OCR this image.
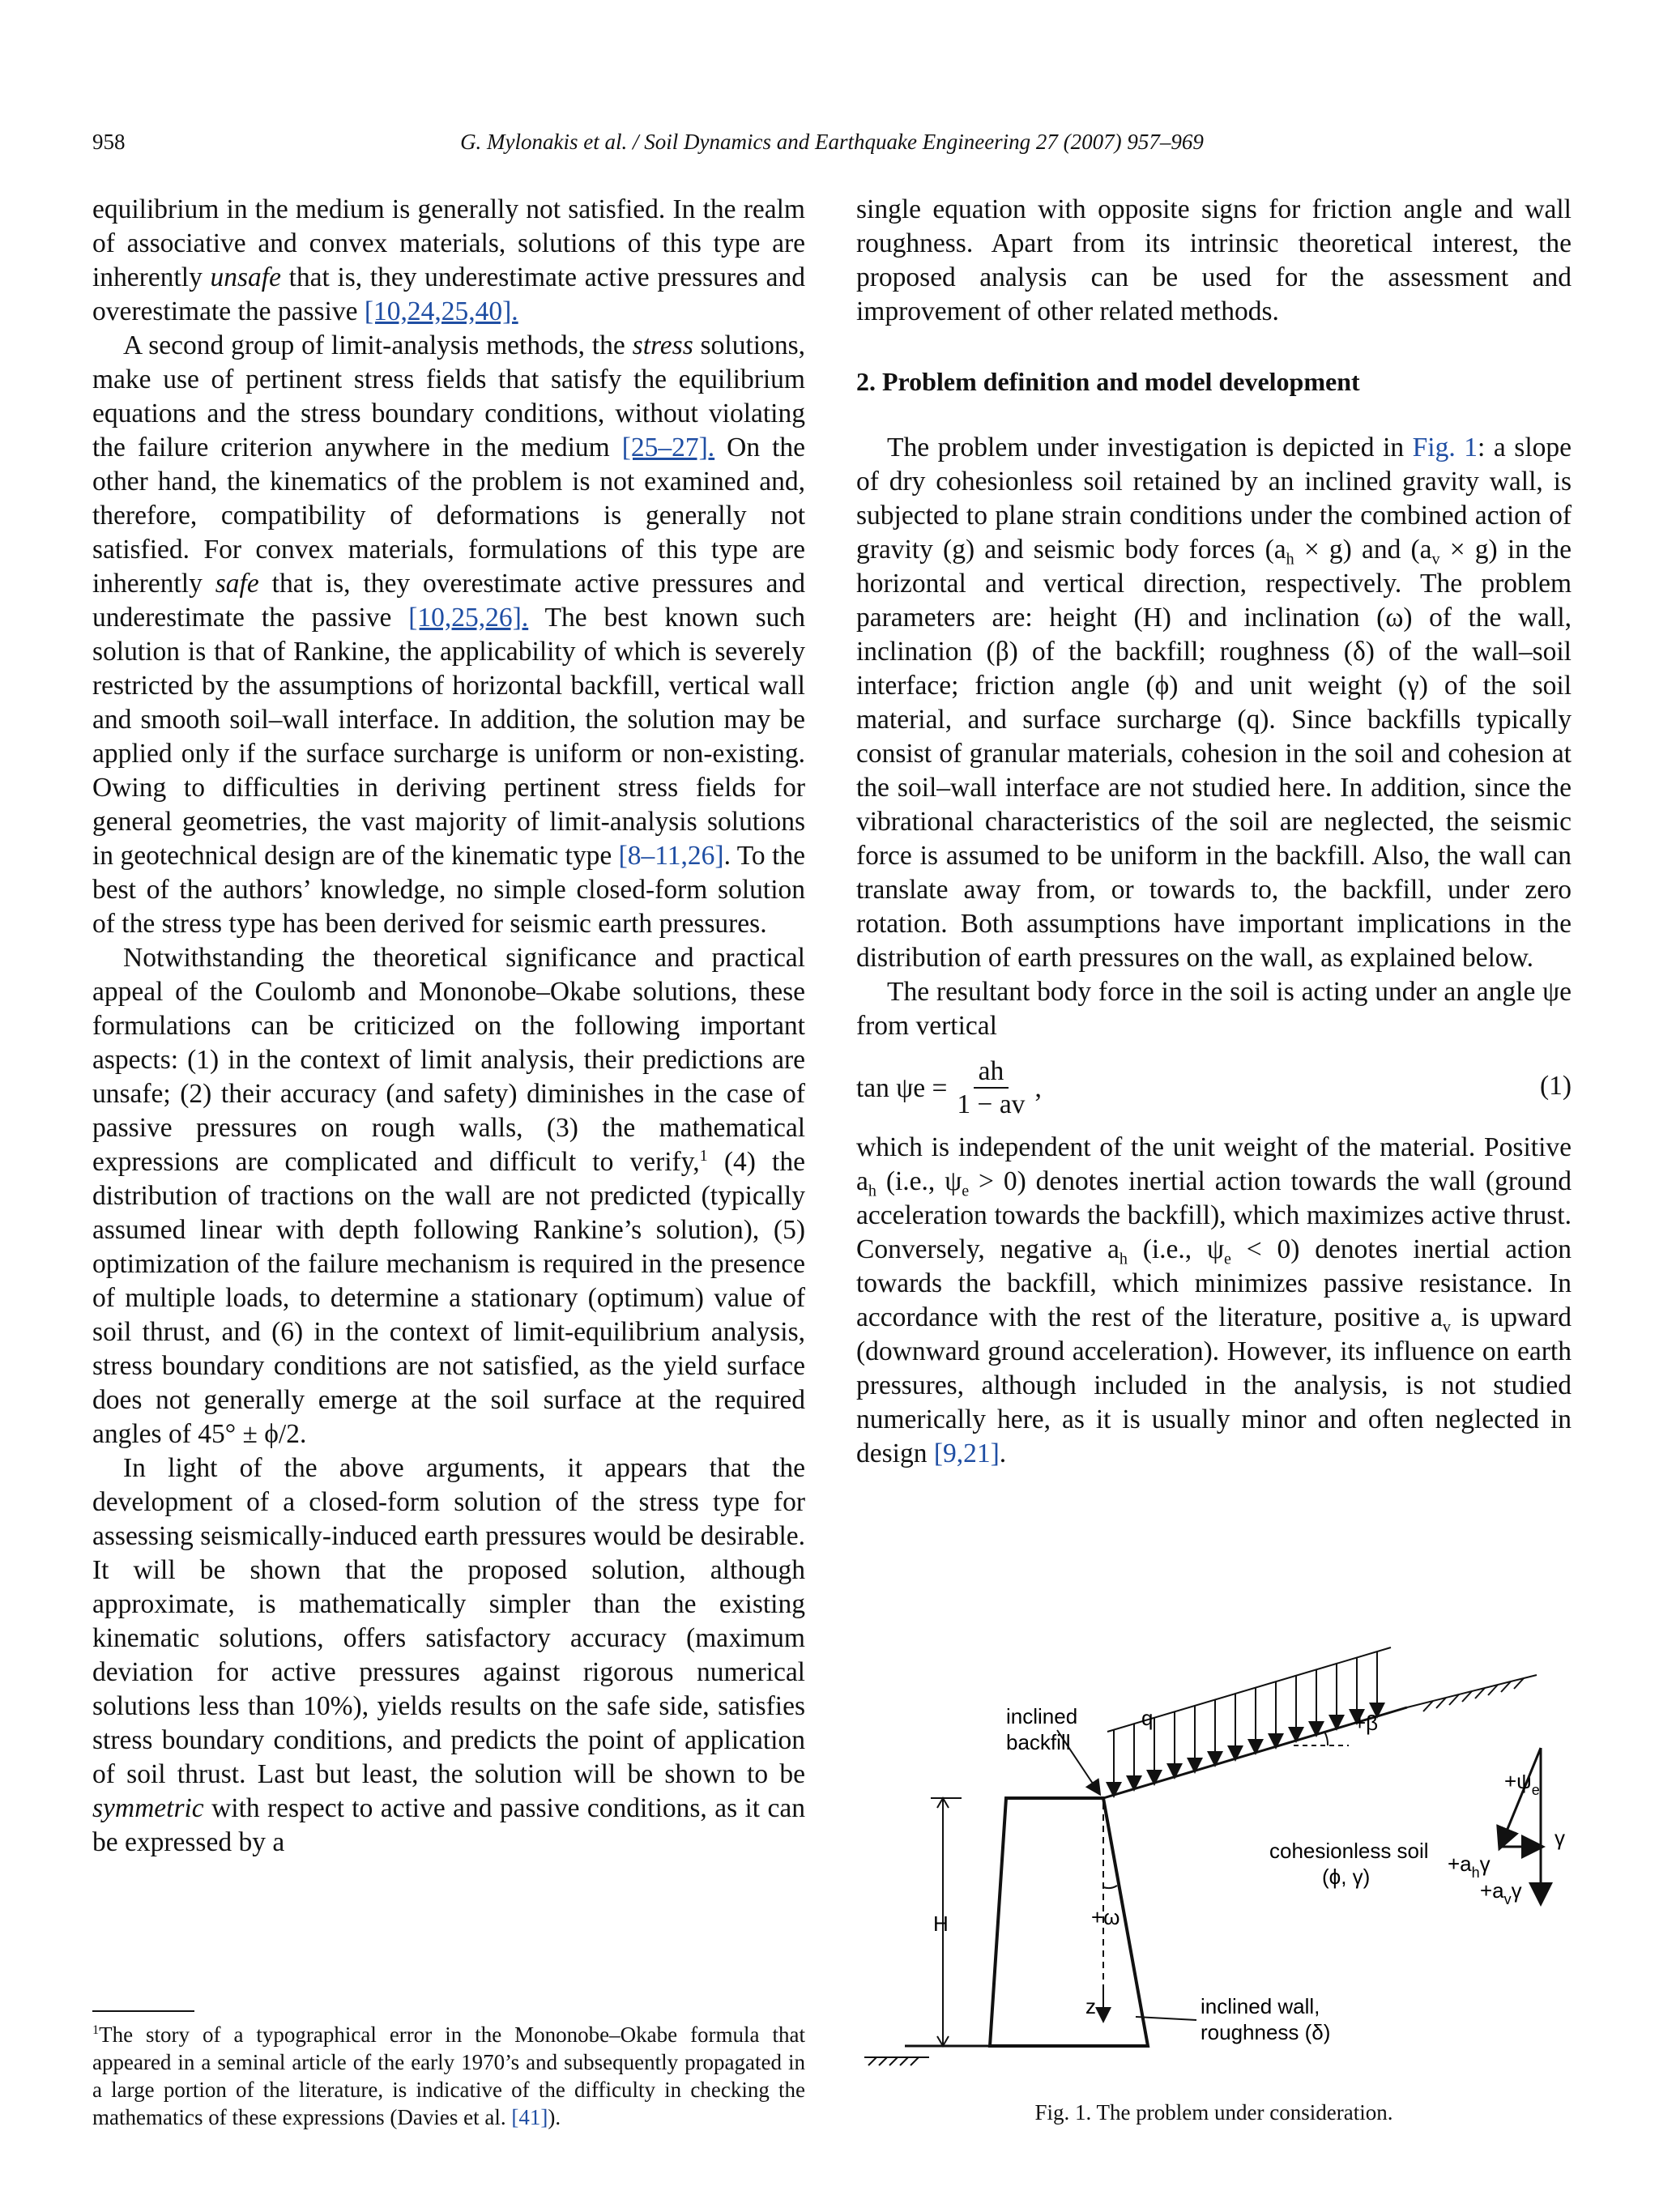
958	G. Mylonakis et al. / Soil Dynamics and Earthquake Engineering 27 (2007) 957–969

equilibrium in the medium is generally not satisfied. In the realm of associative and convex materials, solutions of this type are inherently unsafe that is, they underestimate active pressures and overestimate the passive [10,24,25,40].

A second group of limit-analysis methods, the stress solutions, make use of pertinent stress fields that satisfy the equilibrium equations and the stress boundary conditions, without violating the failure criterion anywhere in the medium [25–27]. On the other hand, the kinematics of the problem is not examined and, therefore, compatibility of deformations is generally not satisfied. For convex materials, formulations of this type are inherently safe that is, they overestimate active pressures and underestimate the passive [10,25,26]. The best known such solution is that of Rankine, the applicability of which is severely restricted by the assumptions of horizontal backfill, vertical wall and smooth soil–wall interface. In addition, the solution may be applied only if the surface surcharge is uniform or non-existing. Owing to difficulties in deriving pertinent stress fields for general geometries, the vast majority of limit-analysis solutions in geotechnical design are of the kinematic type [8–11,26]. To the best of the authors’ knowledge, no simple closed-form solution of the stress type has been derived for seismic earth pressures.

Notwithstanding the theoretical significance and practical appeal of the Coulomb and Mononobe–Okabe solutions, these formulations can be criticized on the following important aspects: (1) in the context of limit analysis, their predictions are unsafe; (2) their accuracy (and safety) diminishes in the case of passive pressures on rough walls, (3) the mathematical expressions are complicated and difficult to verify,$^1$ (4) the distribution of tractions on the wall are not predicted (typically assumed linear with depth following Rankine’s solution), (5) optimization of the failure mechanism is required in the presence of multiple loads, to determine a stationary (optimum) value of soil thrust, and (6) in the context of limit-equilibrium analysis, stress boundary conditions are not satisfied, as the yield surface does not generally emerge at the soil surface at the required angles of 45° ± ϕ/2.

In light of the above arguments, it appears that the development of a closed-form solution of the stress type for assessing seismically-induced earth pressures would be desirable. It will be shown that the proposed solution, although approximate, is mathematically simpler than the existing kinematic solutions, offers satisfactory accuracy (maximum deviation for active pressures against rigorous numerical solutions less than 10%), yields results on the safe side, satisfies stress boundary conditions, and predicts the point of application of soil thrust. Last but least, the solution will be shown to be symmetric with respect to active and passive conditions, as it can be expressed by a

$^1$The story of a typographical error in the Mononobe–Okabe formula that appeared in a seminal article of the early 1970’s and subsequently propagated in a large portion of the literature, is indicative of the difficulty in checking the mathematics of these expressions (Davies et al. [41]).

single equation with opposite signs for friction angle and wall roughness. Apart from its intrinsic theoretical interest, the proposed analysis can be used for the assessment and improvement of other related methods.

2. Problem definition and model development

The problem under investigation is depicted in Fig. 1: a slope of dry cohesionless soil retained by an inclined gravity wall, is subjected to plane strain conditions under the combined action of gravity (g) and seismic body forces $(a_h \times g)$ and $(a_v \times g)$ in the horizontal and vertical direction, respectively. The problem parameters are: height (H) and inclination (ω) of the wall, inclination (β) of the backfill; roughness (δ) of the wall–soil interface; friction angle (ϕ) and unit weight (γ) of the soil material, and surface surcharge (q). Since backfills typically consist of granular materials, cohesion in the soil and cohesion at the soil–wall interface are not studied here. In addition, since the vibrational characteristics of the soil are neglected, the seismic force is assumed to be uniform in the backfill. Also, the wall can translate away from, or towards to, the backfill, under zero rotation. Both assumptions have important implications in the distribution of earth pressures on the wall, as explained below.

The resultant body force in the soil is acting under an angle ψe from vertical

$\tan \psi e = \frac{ah}{1 - av}$ ,	(1)

which is independent of the unit weight of the material. Positive $a_h$ (i.e., $\psi_e > 0$) denotes inertial action towards the wall (ground acceleration towards the backfill), which maximizes active thrust. Conversely, negative $a_h$ (i.e., $\psi_e < 0$) denotes inertial action towards the backfill, which minimizes passive resistance. In accordance with the rest of the literature, positive $a_v$ is upward (downward ground acceleration). However, its influence on earth pressures, although included in the analysis, is not studied numerically here, as it is usually minor and often neglected in design [9,21].

inclined
backfill
q	+β
$+\psi_e$
γ
cohesionless soil
(ϕ, γ)
$+a_h\gamma$
$+a_v\gamma$
+ω
H
z	inclined wall,
roughness (δ)
Fig. 1. The problem under consideration.
